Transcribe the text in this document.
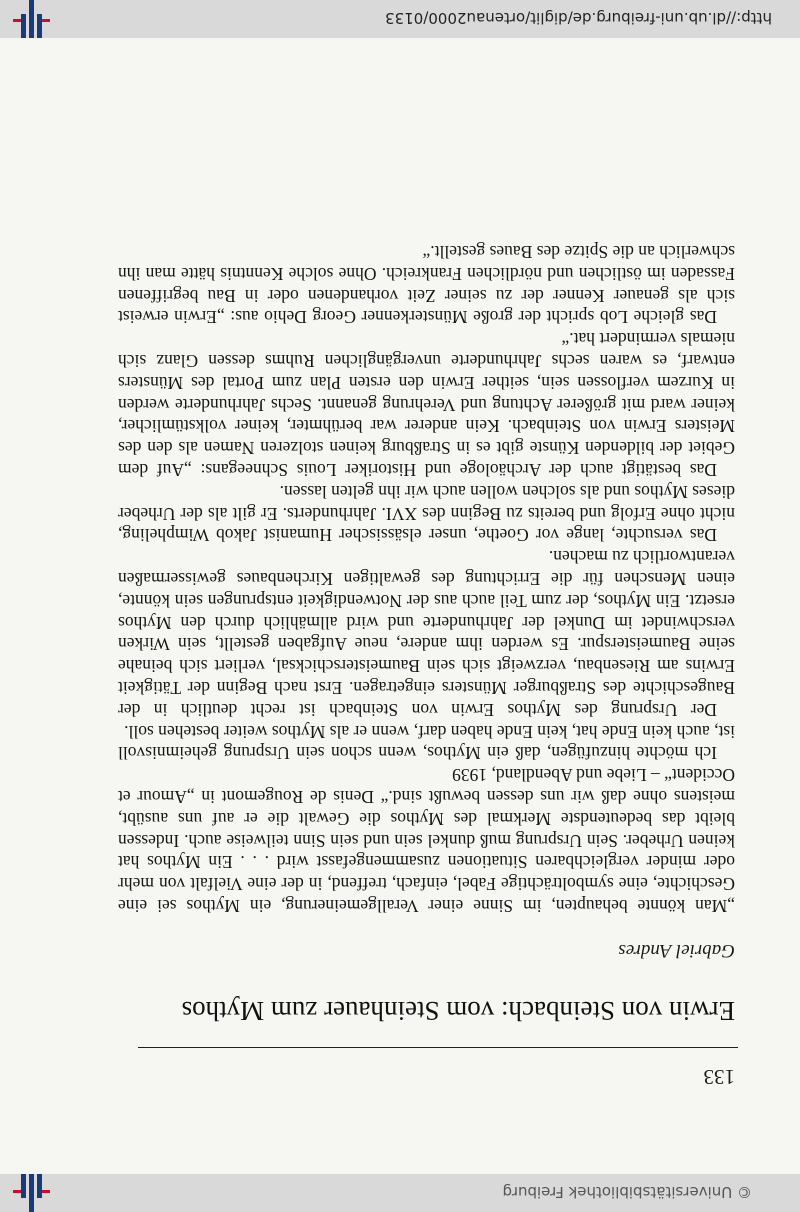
© Universitätsbibliothek Freiburg
133
Erwin von Steinbach: vom Steinhauer zum Mythos
Gabriel Andres

„Man könnte behaupten, im Sinne einer Verallgemeinerung, ein Mythos sei eine Geschichte, eine symbolträchtige Fabel, einfach, treffend, in der eine Vielfalt von mehr oder minder vergleichbaren Situationen zusammengefasst wird . . . Ein Mythos hat keinen Urheber. Sein Ursprung muß dunkel sein und sein Sinn teilweise auch. Indessen bleibt das bedeutendste Merkmal des Mythos die Gewalt die er auf uns ausübt, meistens ohne daß wir uns dessen bewußt sind.“ Denis de Rougemont in „Amour et Occident“ – Liebe und Abendland, 1939

Ich möchte hinzufügen, daß ein Mythos, wenn schon sein Ursprung geheimnisvoll ist, auch kein Ende hat, kein Ende haben darf, wenn er als Mythos weiter bestehen soll.

Der Ursprung des Mythos Erwin von Steinbach ist recht deutlich in der Baugeschichte des Straßburger Münsters eingetragen. Erst nach Beginn der Tätigkeit Erwins am Riesenbau, verzweigt sich sein Baumeisterschicksal, verliert sich beinahe seine Baumeisterspur. Es werden ihm andere, neue Aufgaben gestellt, sein Wirken verschwindet im Dunkel der Jahrhunderte und wird allmählich durch den Mythos ersetzt. Ein Mythos, der zum Teil auch aus der Notwendigkeit entsprungen sein könnte, einen Menschen für die Errichtung des gewaltigen Kirchenbaues gewissermaßen verantwortlich zu machen.

Das versuchte, lange vor Goethe, unser elsässischer Humanist Jakob Wimpheling, nicht ohne Erfolg und bereits zu Beginn des XVI. Jahrhunderts. Er gilt als der Urheber dieses Mythos und als solchen wollen auch wir ihn gelten lassen.

Das bestätigt auch der Archäologe und Historiker Louis Schneegans: „Auf dem Gebiet der bildenden Künste gibt es in Straßburg keinen stolzeren Namen als den des Meisters Erwin von Steinbach. Kein anderer war berühmter, keiner volkstümlicher, keiner ward mit größerer Achtung und Verehrung genannt. Sechs Jahrhunderte werden in Kurzem verflossen sein, seither Erwin den ersten Plan zum Portal des Münsters entwarf, es waren sechs Jahrhunderte unvergänglichen Ruhms dessen Glanz sich niemals vermindert hat.“

Das gleiche Lob spricht der große Münsterkenner Georg Dehio aus: „Erwin erweist sich als genauer Kenner der zu seiner Zeit vorhandenen oder in Bau begriffenen Fassaden im östlichen und nördlichen Frankreich. Ohne solche Kenntnis hätte man ihn schwerlich an die Spitze des Baues gestellt.“

http://dl.ub.uni-freiburg.de/diglit/ortenau2000/0133
